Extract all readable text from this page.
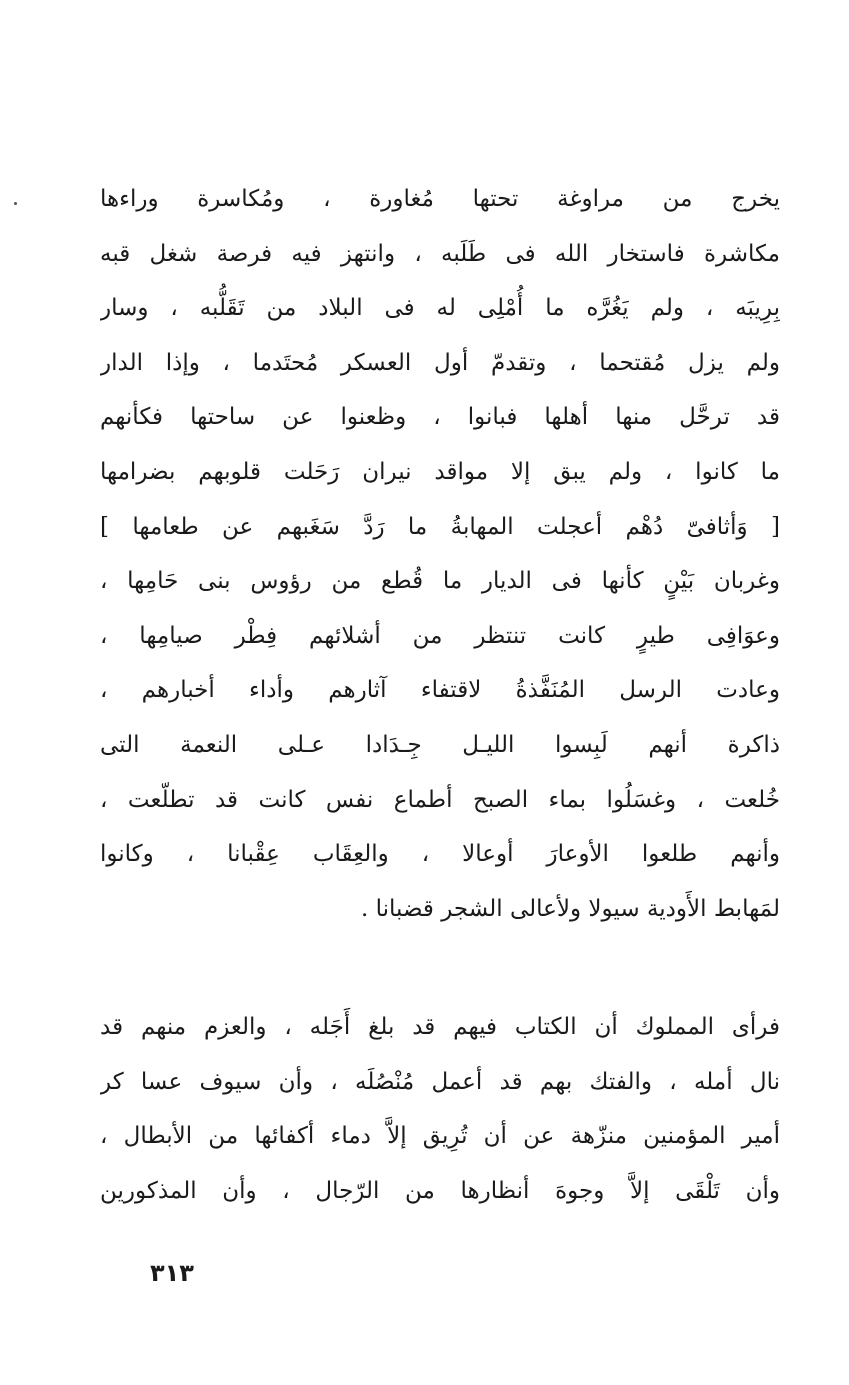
يخرج من مراوغة تحتها مُغاورة ، ومُكاسرة وراءها
مكاشرة فاستخار الله فى طَلَبه ، وانتهز فيه فرصة شغل قبه
بِرِيبَه ، ولم يَغُرَّه ما أُمْلِى له فى البلاد من تَقَلُّبه ، وسار
ولم يزل مُقتحما ، وتقدمّ أول العسكر مُحتَدما ، وإذا الدار
قد ترحَّل منها أهلها فبانوا ، وظعنوا عن ساحتها فكأنهم
ما كانوا ، ولم يبق إلا مواقد نيران رَحَلت قلوبهم بضرامها
[ وَأثافىّ دُهْم أعجلت المهابةُ ما رَدَّ سَغَبهم عن طعامها ]
وغربان بَيْنٍ كأنها فى الديار ما قُطع من رؤوس بنى حَامِها ،
وعوَافِى طيرٍ كانت تنتظر من أشلائهم فِطْر صيامِها ،
وعادت الرسل المُنَفَّذةُ لاقتفاء آثارهم وأداء أخبارهم ،
ذاكرة أنهم لَبِسوا الليـل جِـدَادا عـلى النعمة التى
خُلعت ، وغسَلُوا بماء الصبح أطماع نفس كانت قد تطلّعت ،
وأنهم طلعوا الأوعارَ أوعالا ، والعِقَاب عِقْبانا ، وكانوا
لمَهابط الأَودية سيولا ولأعالى الشجر قضبانا .
فرأى المملوك أن الكتاب فيهم قد بلغ أَجَله ، والعزم منهم قد
نال أمله ، والفتك بهم قد أعمل مُنْصُلَه ، وأن سيوف عسا كر
أمير المؤمنين منزّهة عن أن تُرِيق إلاَّ دماء أكفائها من الأبطال ،
وأن تَلْقَى إلاَّ وجوهَ أنظارها من الرّجال ، وأن المذكورين
٣١٣
